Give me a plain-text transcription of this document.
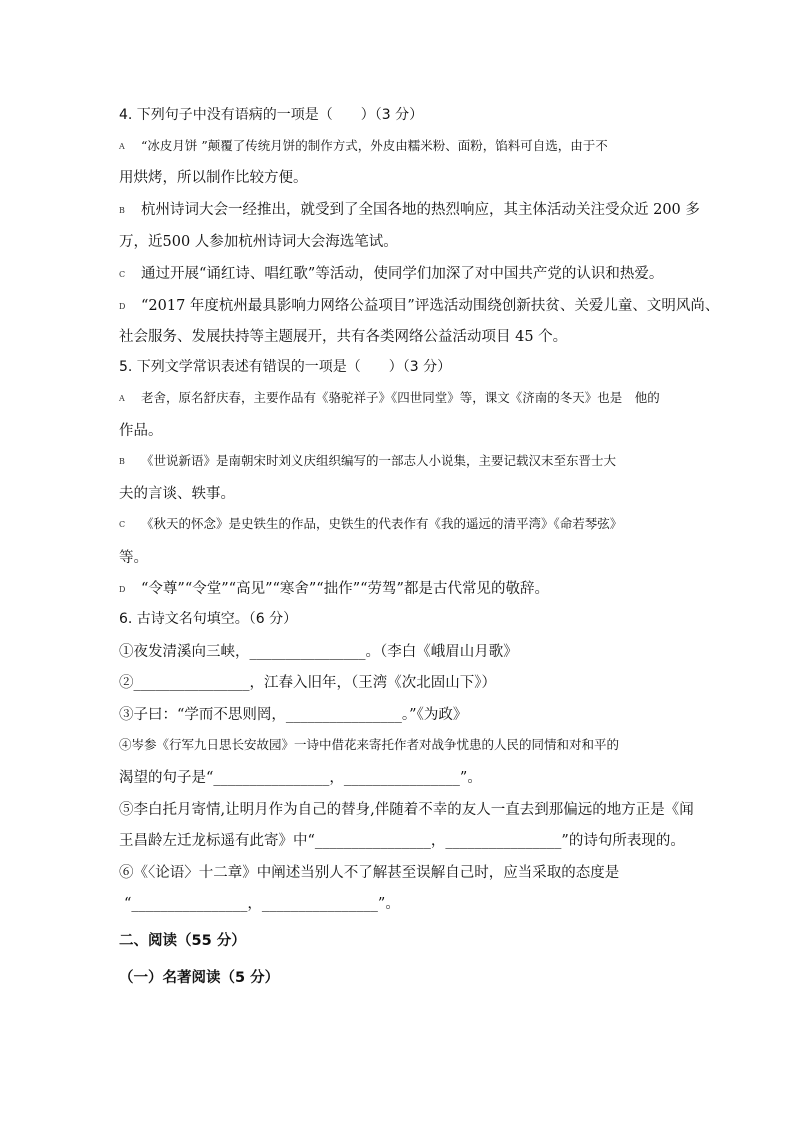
4. 下列句子中没有语病的一项是（　　）（3 分）
A “冰皮月饼 ”颠覆了传统月饼的制作方式，外皮由糯米粉、面粉，馅料可自选，由于不
用烘烤，所以制作比较方便。
B 杭州诗词大会一经推出，就受到了全国各地的热烈响应，其主体活动关注受众近 200 多
万，近500 人参加杭州诗词大会海选笔试。
C 通过开展“诵红诗、唱红歌”等活动，使同学们加深了对中国共产党的认识和热爱。
D “2017 年度杭州最具影响力网络公益项目”评选活动围绕创新扶贫、关爱儿童、文明风尚、
社会服务、发展扶持等主题展开，共有各类网络公益活动项目 45 个。
5. 下列文学常识表述有错误的一项是（　　）（3 分）
A 老舍，原名舒庆春，主要作品有《骆驼祥子》《四世同堂》等，课文《济南的冬天》也是　他的
作品。
B 《世说新语》是南朝宋时刘义庆组织编写的一部志人小说集，主要记载汉末至东晋士大
夫的言谈、轶事。
C 《秋天的怀念》是史铁生的作品，史铁生的代表作有《我的遥远的清平湾》《命若琴弦》
等。
D “令尊”“令堂”“高见”“寒舍”“拙作”“劳驾”都是古代常见的敬辞。
6. 古诗文名句填空。（6 分）
①夜发清溪向三峡，________________。（李白《峨眉山月歌》
②________________，江春入旧年，（王湾《次北固山下》）
③子曰：“学而不思则罔，________________。”《为政》
④岑参《行军九日思长安故园》一诗中借花来寄托作者对战争忧患的人民的同情和对和平的
渴望的句子是“________________，________________”。
⑤李白托月寄情,让明月作为自己的替身,伴随着不幸的友人一直去到那偏远的地方正是《闻
王昌龄左迁龙标遥有此寄》中“________________，________________”的诗句所表现的。
⑥《〈论语〉十二章》中阐述当别人不了解甚至误解自己时，应当采取的态度是
“________________，________________”。
二、阅读（55 分）
（一）名著阅读（5 分）
